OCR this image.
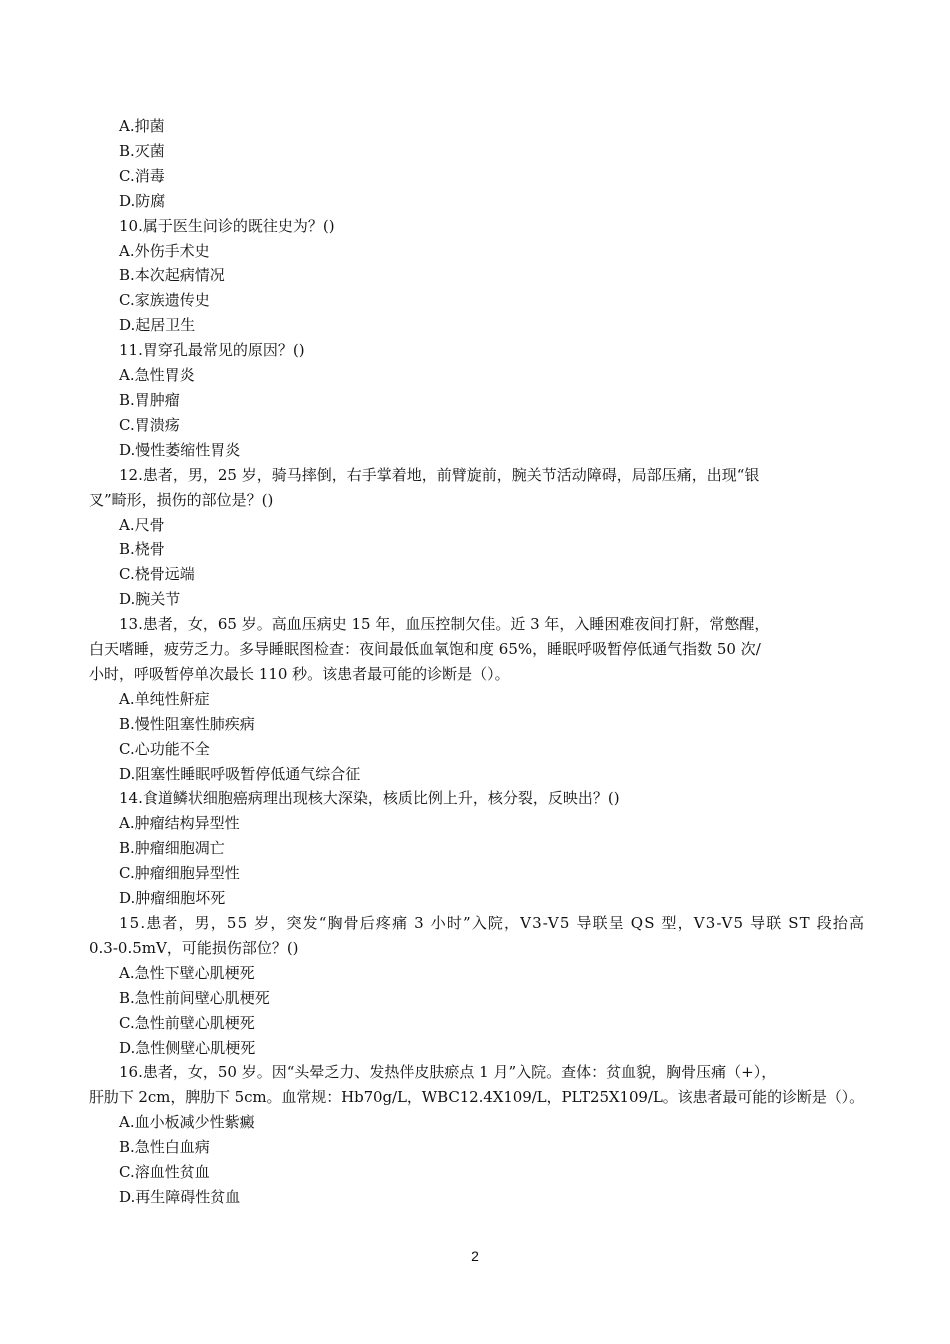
A.抑菌
B.灭菌
C.消毒
D.防腐
10.属于医生问诊的既往史为？()
A.外伤手术史
B.本次起病情况
C.家族遗传史
D.起居卫生
11.胃穿孔最常见的原因？()
A.急性胃炎
B.胃肿瘤
C.胃溃疡
D.慢性萎缩性胃炎
12.患者，男，25 岁，骑马摔倒，右手掌着地，前臂旋前，腕关节活动障碍，局部压痛，出现“银
叉”畸形，损伤的部位是？()
A.尺骨
B.桡骨
C.桡骨远端
D.腕关节
13.患者，女，65 岁。高血压病史 15 年，血压控制欠佳。近 3 年，入睡困难夜间打鼾，常憋醒，
白天嗜睡，疲劳乏力。多导睡眠图检查：夜间最低血氧饱和度 65%，睡眠呼吸暂停低通气指数 50 次/
小时，呼吸暂停单次最长 110 秒。该患者最可能的诊断是（）。
A.单纯性鼾症
B.慢性阻塞性肺疾病
C.心功能不全
D.阻塞性睡眠呼吸暂停低通气综合征
14.食道鳞状细胞癌病理出现核大深染，核质比例上升，核分裂，反映出？()
A.肿瘤结构异型性
B.肿瘤细胞凋亡
C.肿瘤细胞异型性
D.肿瘤细胞坏死
15.患者，男，55 岁，突发“胸骨后疼痛 3 小时”入院，V3-V5 导联呈 QS 型，V3-V5 导联 ST 段抬高
0.3-0.5mV，可能损伤部位？()
A.急性下壁心肌梗死
B.急性前间壁心肌梗死
C.急性前壁心肌梗死
D.急性侧壁心肌梗死
16.患者，女，50 岁。因“头晕乏力、发热伴皮肤瘀点 1 月”入院。查体：贫血貌，胸骨压痛（+），
肝肋下 2cm，脾肋下 5cm。血常规：Hb70g/L，WBC12.4X109/L，PLT25X109/L。该患者最可能的诊断是（）。
A.血小板减少性紫癜
B.急性白血病
C.溶血性贫血
D.再生障碍性贫血
2
